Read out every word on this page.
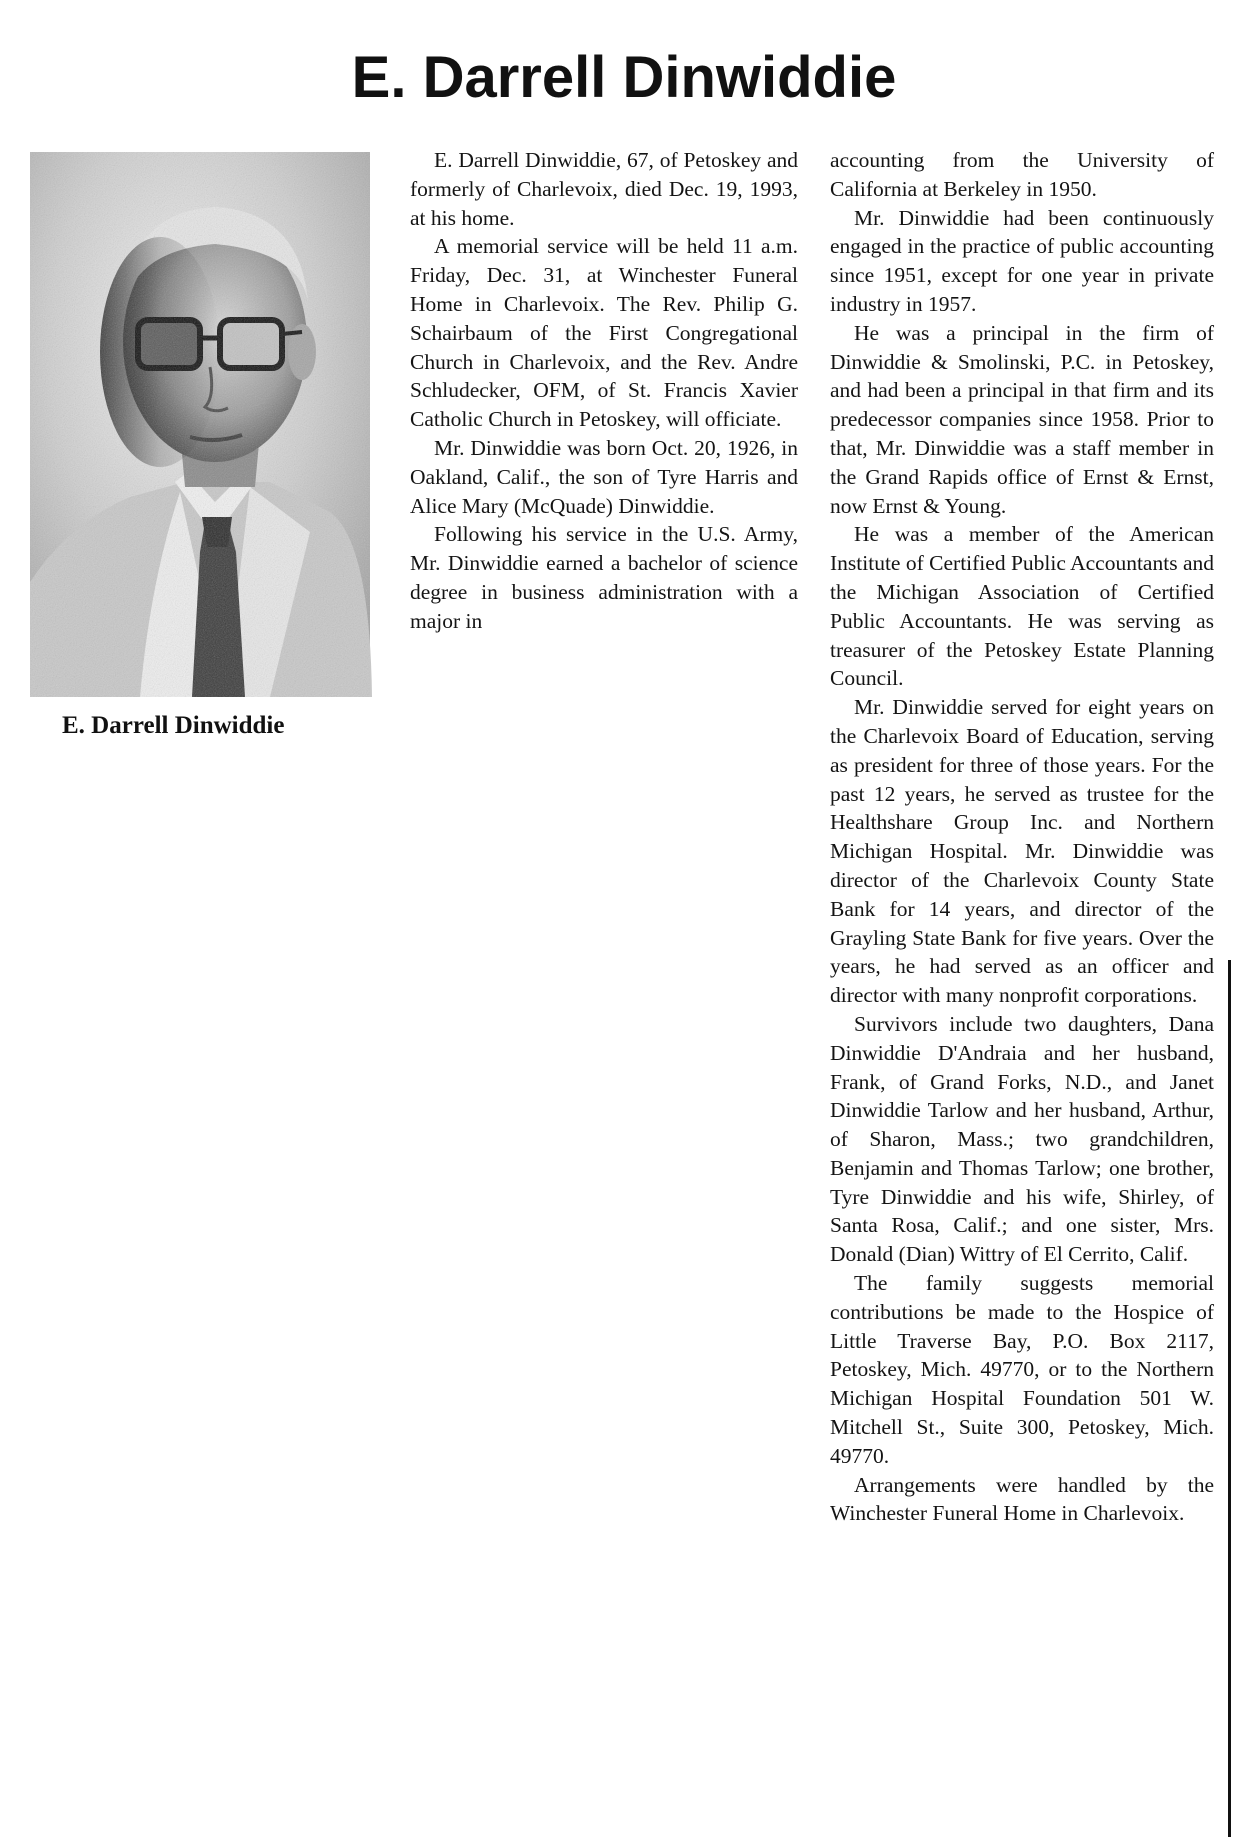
E. Darrell Dinwiddie
E. Darrell Dinwiddie

E. Darrell Dinwiddie, 67, of Petoskey and formerly of Charlevoix, died Dec. 19, 1993, at his home.

A memorial service will be held 11 a.m. Friday, Dec. 31, at Winchester Funeral Home in Charlevoix. The Rev. Philip G. Schairbaum of the First Congregational Church in Charlevoix, and the Rev. Andre Schludecker, OFM, of St. Francis Xavier Catholic Church in Petoskey, will officiate.

Mr. Dinwiddie was born Oct. 20, 1926, in Oakland, Calif., the son of Tyre Harris and Alice Mary (McQuade) Dinwiddie.

Following his service in the U.S. Army, Mr. Dinwiddie earned a bachelor of science degree in business administration with a major in

accounting from the University of California at Berkeley in 1950.

Mr. Dinwiddie had been continuously engaged in the practice of public accounting since 1951, except for one year in private industry in 1957.

He was a principal in the firm of Dinwiddie & Smolinski, P.C. in Petoskey, and had been a principal in that firm and its predecessor companies since 1958. Prior to that, Mr. Dinwiddie was a staff member in the Grand Rapids office of Ernst & Ernst, now Ernst & Young.

He was a member of the American Institute of Certified Public Accountants and the Michigan Association of Certified Public Accountants. He was serving as treasurer of the Petoskey Estate Planning Council.

Mr. Dinwiddie served for eight years on the Charlevoix Board of Education, serving as president for three of those years. For the past 12 years, he served as trustee for the Healthshare Group Inc. and Northern Michigan Hospital. Mr. Dinwiddie was director of the Charlevoix County State Bank for 14 years, and director of the Grayling State Bank for five years. Over the years, he had served as an officer and director with many nonprofit corporations.

Survivors include two daughters, Dana Dinwiddie D'Andraia and her husband, Frank, of Grand Forks, N.D., and Janet Dinwiddie Tarlow and her husband, Arthur, of Sharon, Mass.; two grandchildren, Benjamin and Thomas Tarlow; one brother, Tyre Dinwiddie and his wife, Shirley, of Santa Rosa, Calif.; and one sister, Mrs. Donald (Dian) Wittry of El Cerrito, Calif.

The family suggests memorial contributions be made to the Hospice of Little Traverse Bay, P.O. Box 2117, Petoskey, Mich. 49770, or to the Northern Michigan Hospital Foundation 501 W. Mitchell St., Suite 300, Petoskey, Mich. 49770.

Arrangements were handled by the Winchester Funeral Home in Charlevoix.
